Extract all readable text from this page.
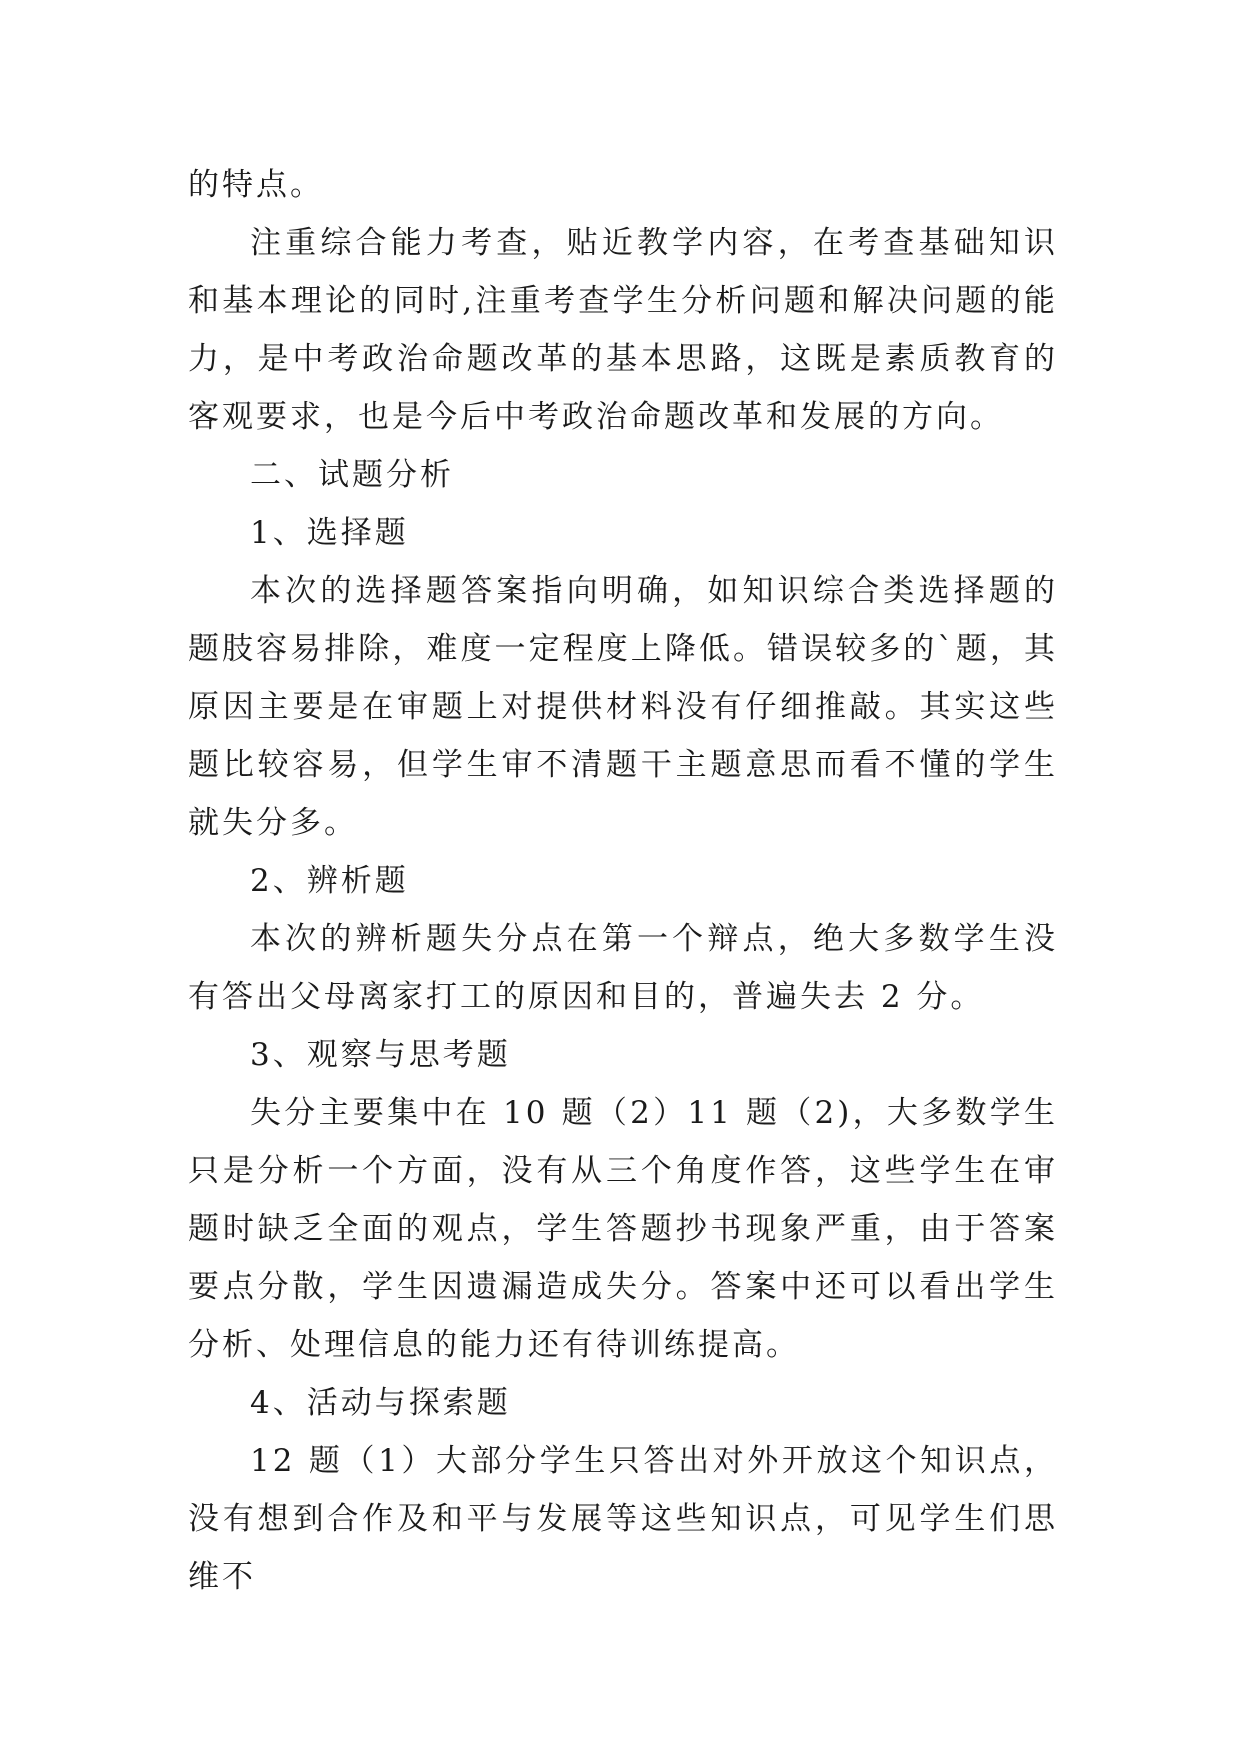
的特点。

注重综合能力考查，贴近教学内容，在考查基础知识和基本理论的同时,注重考查学生分析问题和解决问题的能力，是中考政治命题改革的基本思路，这既是素质教育的客观要求，也是今后中考政治命题改革和发展的方向。

二、试题分析

1、选择题

本次的选择题答案指向明确，如知识综合类选择题的题肢容易排除，难度一定程度上降低。错误较多的`题，其原因主要是在审题上对提供材料没有仔细推敲。其实这些题比较容易，但学生审不清题干主题意思而看不懂的学生就失分多。

2、辨析题

本次的辨析题失分点在第一个辩点，绝大多数学生没有答出父母离家打工的原因和目的，普遍失去 2 分。

3、观察与思考题

失分主要集中在 10 题（2）11 题（2)，大多数学生只是分析一个方面，没有从三个角度作答，这些学生在审题时缺乏全面的观点，学生答题抄书现象严重，由于答案要点分散，学生因遗漏造成失分。答案中还可以看出学生分析、处理信息的能力还有待训练提高。

4、活动与探索题

12 题（1）大部分学生只答出对外开放这个知识点，没有想到合作及和平与发展等这些知识点，可见学生们思维不
